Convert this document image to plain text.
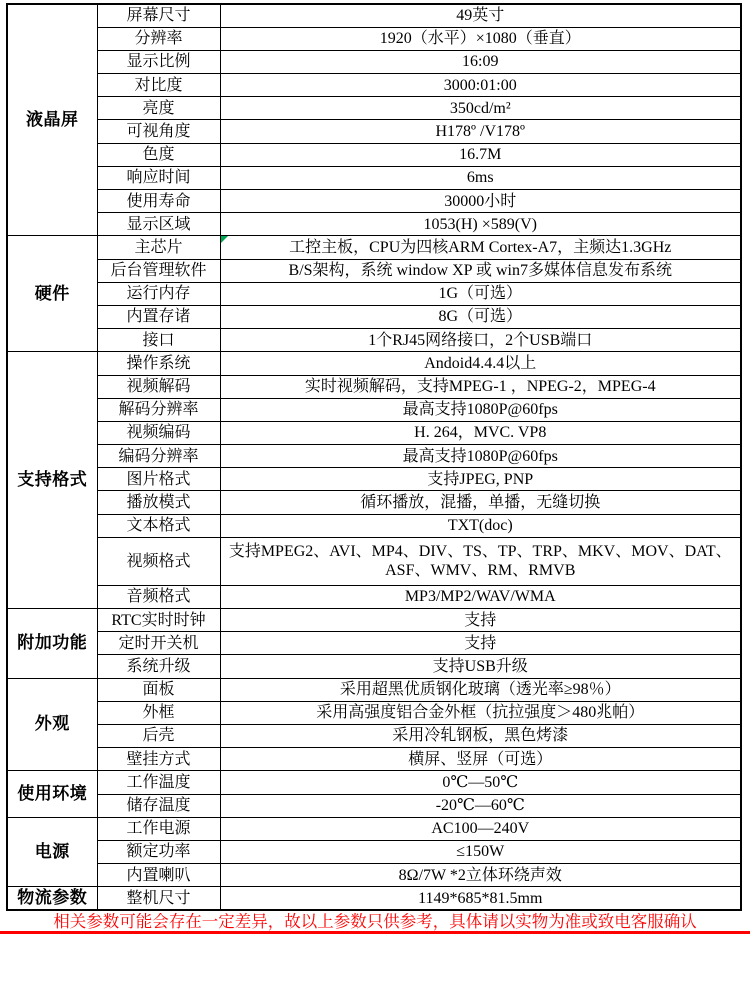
液晶屏	屏幕尺寸	49英寸
	分辨率	1920（水平）×1080（垂直）
	显示比例	16:09
	对比度	3000:01:00
	亮度	350cd/m²
	可视角度	H178º /V178º
	色度	16.7M
	响应时间	6ms
	使用寿命	30000小时
	显示区域	1053(H) ×589(V)
硬件	主芯片	工控主板，CPU为四核ARM Cortex-A7，主频达1.3GHz

	后台管理软件	B/S架构，系统 window XP 或 win7多媒体信息发布系统
	运行内存	1G（可选）
	内置存诸	8G（可选）
	接口	1个RJ45网络接口，2个USB端口
支持格式	操作系统	Andoid4.4.4以上
	视频解码	实时视频解码，支持MPEG-1 ，NPEG-2，MPEG-4
	解码分辨率	最高支持1080P@60fps
	视频编码	H. 264，MVC. VP8
	编码分辨率	最高支持1080P@60fps
	图片格式	支持JPEG, PNP
	播放模式	循环播放，混播，单播，无缝切换
	文本格式	TXT(doc)
	视频格式	支持MPEG2、AVI、MP4、DIV、TS、TP、TRP、MKV、MOV、DAT、ASF、WMV、RM、RMVB
	音频格式	MP3/MP2/WAV/WMA
附加功能	RTC实时时钟	支持
	定时开关机	支持
	系统升级	支持USB升级
外观	面板	采用超黑优质钢化玻璃（透光率≥98％）
	外框	采用高强度铝合金外框（抗拉强度＞480兆帕）
	后壳	采用冷轧钢板，黑色烤漆
	壁挂方式	横屏、竖屏（可选）
使用环境	工作温度	0℃—50℃
	储存温度	-20℃—60℃
电源	工作电源	AC100—240V
	额定功率	≤150W
	内置喇叭	8Ω/7W *2立体环绕声效
物流参数	整机尺寸	1149*685*81.5mm
相关参数可能会存在一定差异，故以上参数只供参考，具体请以实物为准或致电客服确认
